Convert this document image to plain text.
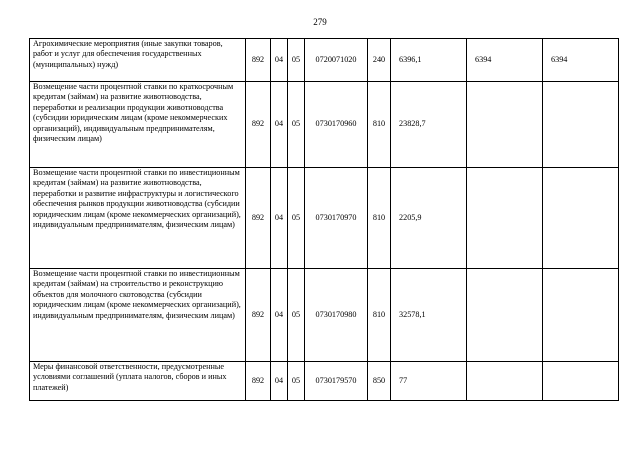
279
Агрохимические мероприятия (иные закупки товаров, работ и услуг для обеспечения государственных (муниципальных) нужд)	892	04	05	0720071020	240	6396,1	6394	6394
Возмещение части процентной ставки по краткосрочным кредитам (займам) на развитие животноводства, переработки и реализации продукции животноводства (субсидии юридическим лицам (кроме некоммерческих организаций), индивидуальным предпринимателям, физическим лицам)	892	04	05	0730170960	810	23828,7		
Возмещение части процентной ставки по инвестиционным кредитам (займам) на развитие животноводства, переработки и развитие инфраструктуры и логистического обеспечения рынков продукции животноводства (субсидии юридическим лицам (кроме некоммерческих организаций), индивидуальным предпринимателям, физическим лицам)	892	04	05	0730170970	810	2205,9		
Возмещение части процентной ставки по инвестиционным кредитам (займам) на строительство и реконструкцию объектов для молочного скотоводства (субсидии юридическим лицам (кроме некоммерческих организаций), индивидуальным предпринимателям, физическим лицам)	892	04	05	0730170980	810	32578,1		
Меры финансовой ответственности, предусмотренные условиями соглашений (уплата налогов, сборов и иных платежей)	892	04	05	0730179570	850	77		
